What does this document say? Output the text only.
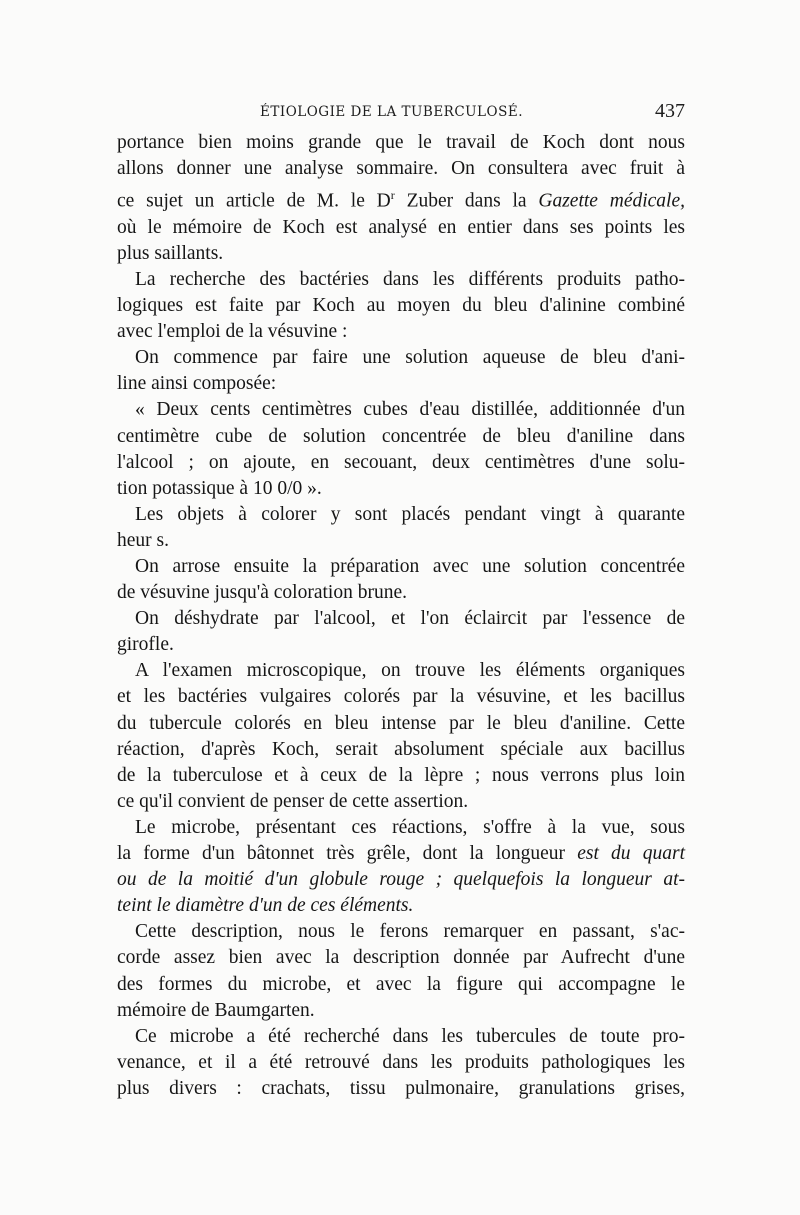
ÉTIOLOGIE DE LA TUBERCULOSÉ.	437

portance bien moins grande que le travail de Koch dont nous
allons donner une analyse sommaire. On consultera avec fruit à
ce sujet un article de M. le $D^r$ Zuber dans la Gazette médicale,
où le mémoire de Koch est analysé en entier dans ses points les
plus saillants.

La recherche des bactéries dans les différents produits patho-
logiques est faite par Koch au moyen du bleu d'alinine combiné
avec l'emploi de la vésuvine :

On commence par faire une solution aqueuse de bleu d'ani-
line ainsi composée:

« Deux cents centimètres cubes d'eau distillée, additionnée d'un
centimètre cube de solution concentrée de bleu d'aniline dans
l'alcool ; on ajoute, en secouant, deux centimètres d'une solu-
tion potassique à 10 0/0 ».

Les objets à colorer y sont placés pendant vingt à quarante
heur s.

On arrose ensuite la préparation avec une solution concentrée
de vésuvine jusqu'à coloration brune.

On déshydrate par l'alcool, et l'on éclaircit par l'essence de
girofle.

A l'examen microscopique, on trouve les éléments organiques
et les bactéries vulgaires colorés par la vésuvine, et les bacillus
du tubercule colorés en bleu intense par le bleu d'aniline. Cette
réaction, d'après Koch, serait absolument spéciale aux bacillus
de la tuberculose et à ceux de la lèpre ; nous verrons plus loin
ce qu'il convient de penser de cette assertion.

Le microbe, présentant ces réactions, s'offre à la vue, sous
la forme d'un bâtonnet très grêle, dont la longueur est du quart
ou de la moitié d'un globule rouge ; quelquefois la longueur at-
teint le diamètre d'un de ces éléments.

Cette description, nous le ferons remarquer en passant, s'ac-
corde assez bien avec la description donnée par Aufrecht d'une
des formes du microbe, et avec la figure qui accompagne le
mémoire de Baumgarten.

Ce microbe a été recherché dans les tubercules de toute pro-
venance, et il a été retrouvé dans les produits pathologiques les
plus divers : crachats, tissu pulmonaire, granulations grises,
